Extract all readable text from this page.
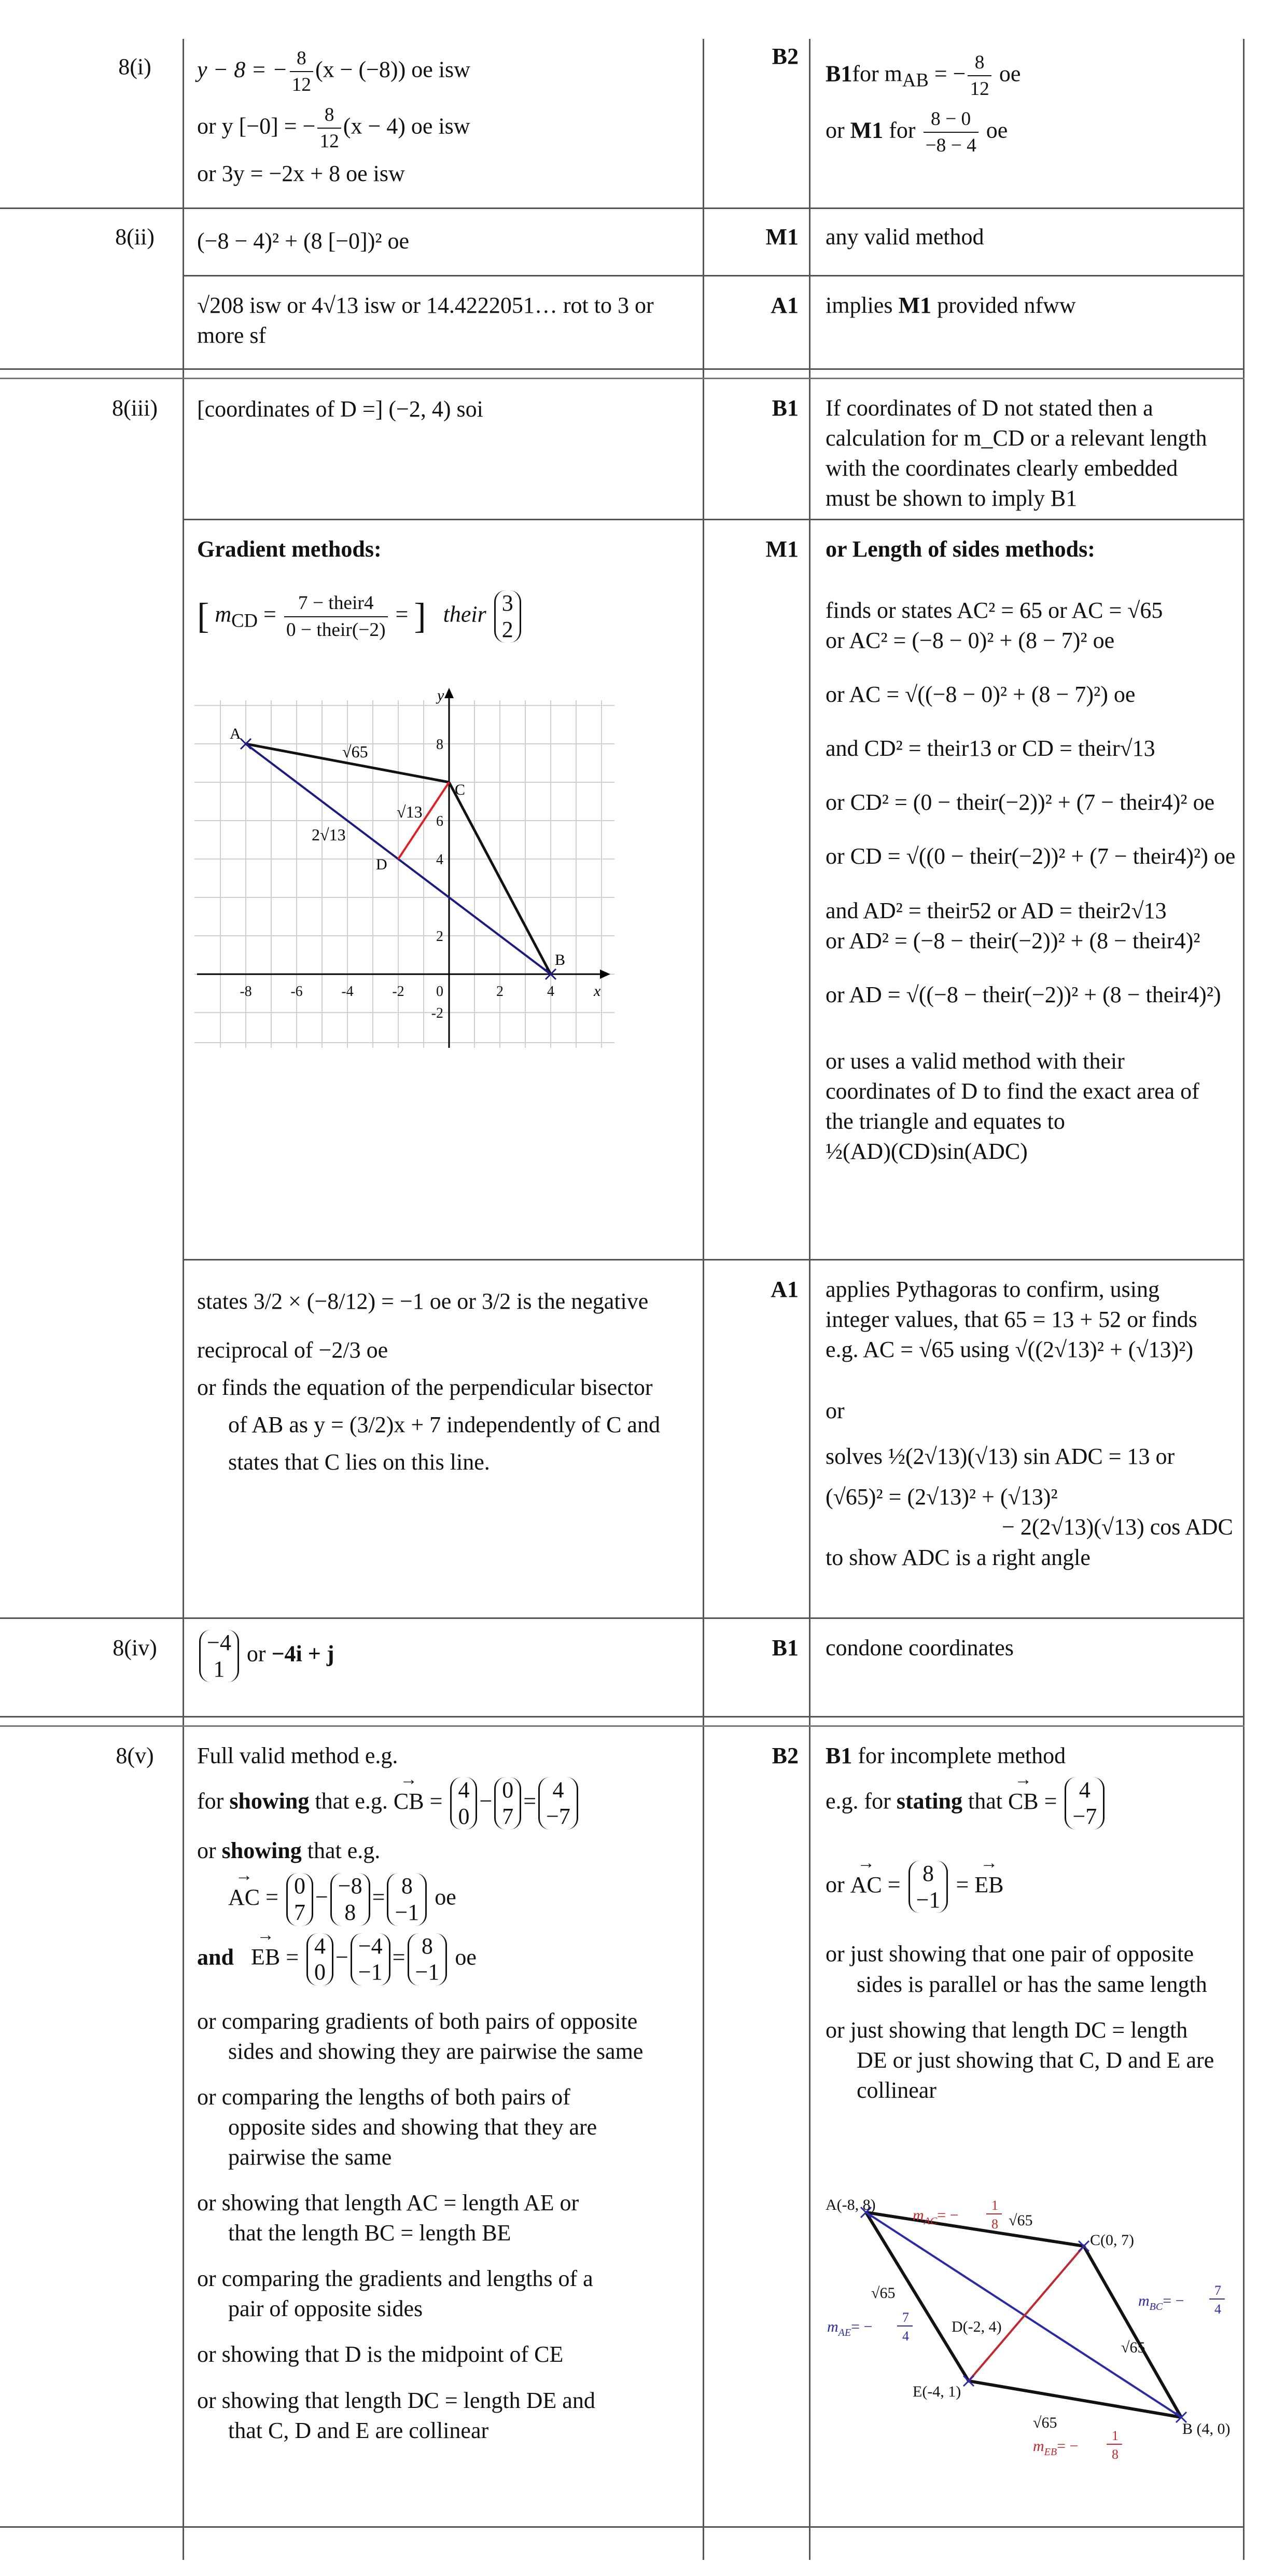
8(i)	y − 8 = − $\frac{8}{12} (x - (-8))$ oe isw
or y [−0] = − $\frac{8}{12} (x - 4)$ oe isw
or 3y = −2x + 8 oe isw
B2
B1for $m_{AB}$ = − $\frac{8}{12}$ oe
or M1 for $\frac{8 - 0}{-8 - 4}$ oe
8(ii)	(−8 − 4)² + (8 [−0])² oe	M1 any valid method
√208 isw or 4√13 isw or 14.4222051… rot to 3 or
more sf
A1 implies M1 provided nfww
8(iii)	[coordinates of D =] (−2, 4) soi	B1 If coordinates of D not stated then a
calculation for m_CD or a relevant length
with the coordinates clearly embedded
must be shown to imply B1
Gradient methods:
[ $m_{CD} = \frac{\text{7 − their4}}{\text{0 − their(−2)}}$ = ] their 3
2
-8	-6	-4	-2 0	2	4
8
6
4
2
-2
x
y
A
B
C
D
√65
√13
2√13
M1 or Length of sides methods:
finds or states AC² = 65 or AC = √65
or AC² = (−8 − 0)² + (8 − 7)² oe
or AC = √((−8 − 0)² + (8 − 7)²) oe
and CD² = their13 or CD = their√13
or CD² = (0 − their(−2))² + (7 − their4)² oe
or CD = √((0 − their(−2))² + (7 − their4)²) oe
and AD² = their52 or AD = their2√13
or AD² = (−8 − their(−2))² + (8 − their4)²
or AD = √((−8 − their(−2))² + (8 − their4)²)
or uses a valid method with their
coordinates of D to find the exact area of
the triangle and equates to
½(AD)(CD)sin(ADC)
states 3/2 × (−8/12) = −1 oe or 3/2 is the negative
reciprocal of −2/3 oe
or finds the equation of the perpendicular bisector
of AB as y = (3/2)x + 7 independently of C and
states that C lies on this line.
A1 applies Pythagoras to confirm, using
integer values, that 65 = 13 + 52 or finds
e.g. AC = √65 using √((2√13)² + (√13)²)
or
solves ½(2√13)(√13) sin ADC = 13 or
(√65)² = (2√13)² + (√13)²
− 2(2√13)(√13) cos ADC
to show ADC is a right angle
8(iv)	−4
1
or −4i + j	B1 condone coordinates
8(v)	B2
Full valid method e.g.
for showing that e.g. → CB = 4
0
− 0
7
= 4
−7
or showing that e.g.
→ AC = 0
7
− −8
8
= 8
−1
oe
and   → EB = 4
0
− −4
−1
= 8
−1
oe
or comparing gradients of both pairs of opposite
sides and showing they are pairwise the same
or comparing the lengths of both pairs of
opposite sides and showing that they are
pairwise the same
or showing that length AC = length AE or
that the length BC = length BE
or comparing the gradients and lengths of a
pair of opposite sides
or showing that D is the midpoint of CE
or showing that length DC = length DE and
that C, D and E are collinear
B1 for incomplete method
e.g. for stating that → CB = 4
−7
or → AC = 8
−1
= → EB
or just showing that one pair of opposite
sides is parallel or has the same length
or just showing that length DC = length
DE or just showing that C, D and E are
collinear
A(-8, 8)
C(0, 7)
D(-2, 4)
E(-4, 1)
B (4, 0)
√65
√65
√65
√65
$m_{AC}=$ −
1
8
$m_{BC}=$ −
7
4
$m_{AE}=$ −
7
4
$m_{EB}=$ −
1
8
